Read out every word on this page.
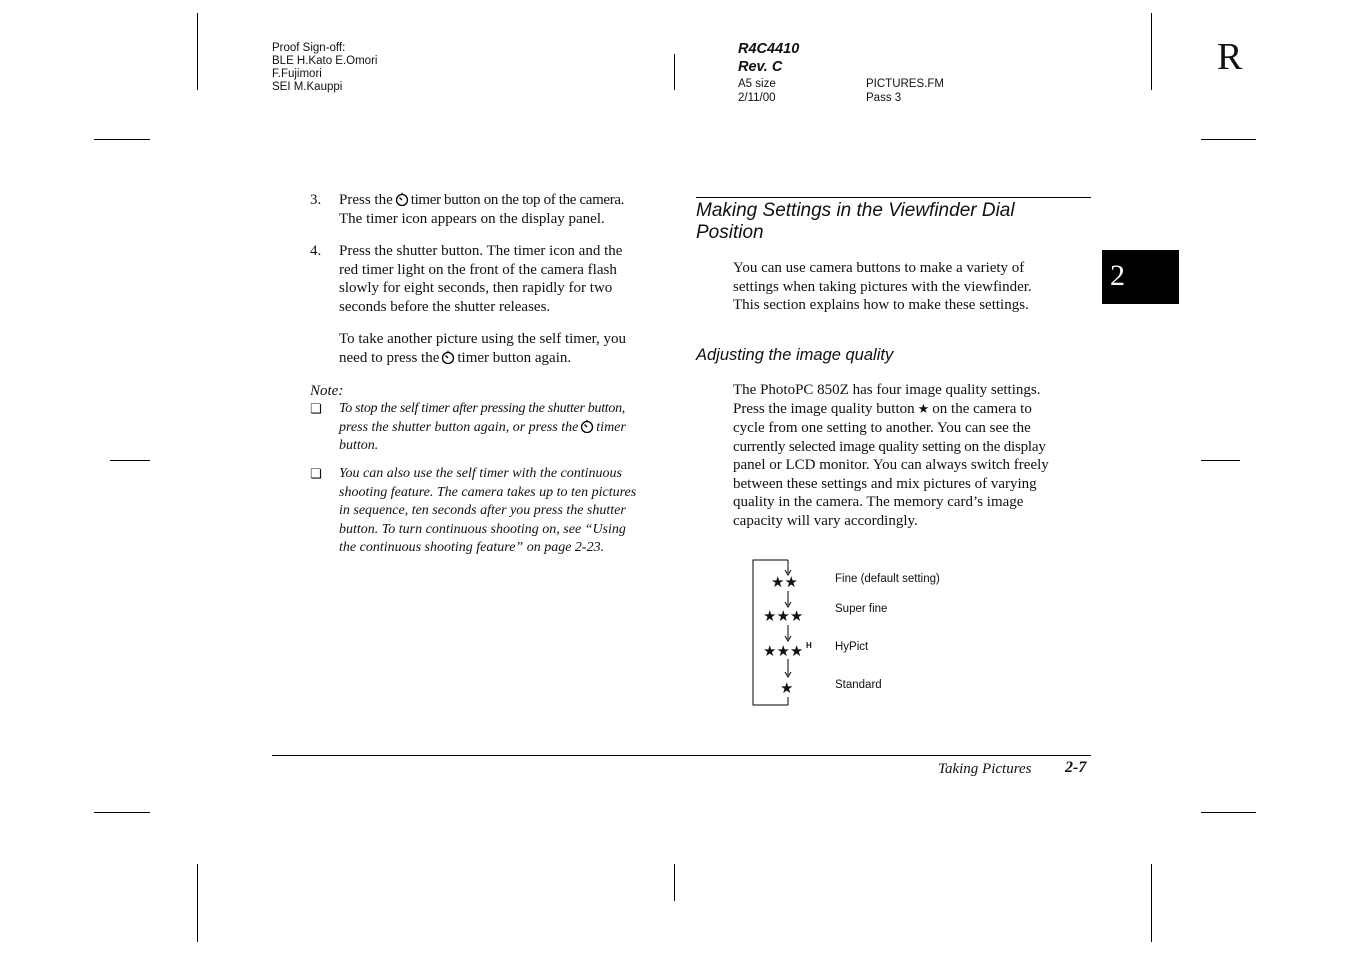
R
Proof Sign-off:
BLE H.Kato E.Omori
F.Fujimori
SEI M.Kauppi
R4C4410
Rev. C
A5 size
2/11/00
PICTURES.FM
Pass 3
2
3. Press the timer button on the top of the camera.
The timer icon appears on the display panel.
4. Press the shutter button. The timer icon and the
red timer light on the front of the camera flash
slowly for eight seconds, then rapidly for two
seconds before the shutter releases.
To take another picture using the self timer, you
need to press the timer button again.
Note:
❏ To stop the self timer after pressing the shutter button,
press the shutter button again, or press the timer
button.
❏ You can also use the self timer with the continuous
shooting feature. The camera takes up to ten pictures
in sequence, ten seconds after you press the shutter
button. To turn continuous shooting on, see “Using
the continuous shooting feature” on page 2-23.
Making Settings in the Viewfinder Dial
Position
You can use camera buttons to make a variety of
settings when taking pictures with the viewfinder.
This section explains how to make these settings.
Adjusting the image quality
The PhotoPC 850Z has four image quality settings.
Press the image quality button ★ on the camera to
cycle from one setting to another. You can see the
currently selected image quality setting on the display
panel or LCD monitor. You can always switch freely
between these settings and mix pictures of varying
quality in the camera. The memory card’s image
capacity will vary accordingly.
★★
★★★
★★★ H
★
Fine (default setting)
Super fine
HyPict
Standard
Taking Pictures 2-7
